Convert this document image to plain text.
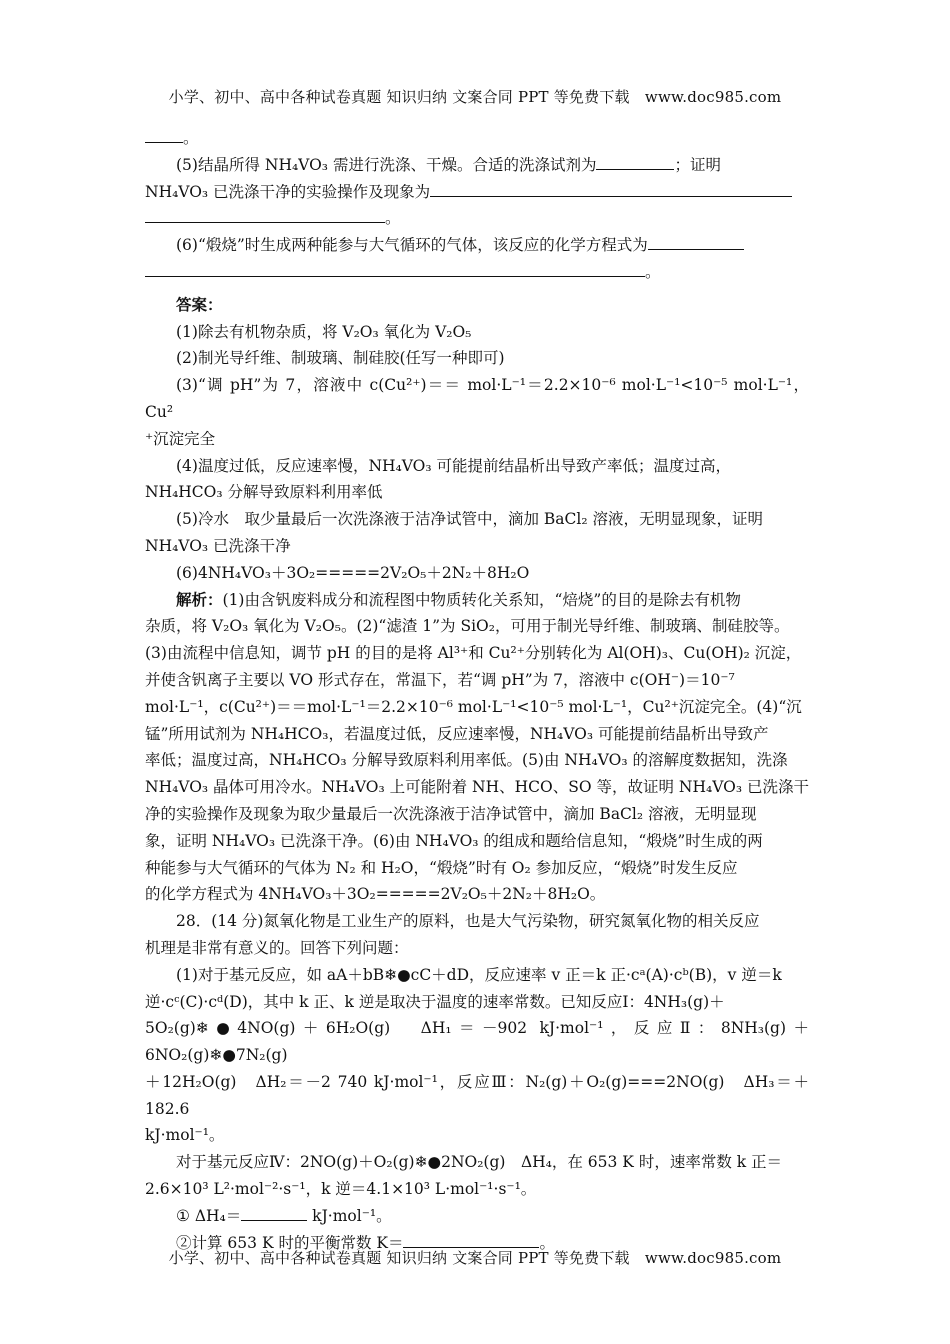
小学、初中、高中各种试卷真题 知识归纳 文案合同 PPT 等免费下载　www.doc985.com

。

(5)结晶所得 NH₄VO₃ 需进行洗涤、干燥。合适的洗涤试剂为	；证明

NH₄VO₃ 已洗涤干净的实验操作及现象为

。

(6)“煅烧”时生成两种能参与大气循环的气体，该反应的化学方程式为

。

答案：

(1)除去有机物杂质，将 V₂O₃ 氧化为 V₂O₅

(2)制光导纤维、制玻璃、制硅胶(任写一种即可)

(3)“调 pH”为 7，溶液中 c(Cu²⁺)＝＝ mol·L⁻¹＝2.2×10⁻⁶ mol·L⁻¹<10⁻⁵ mol·L⁻¹，Cu²

⁺沉淀完全

(4)温度过低，反应速率慢，NH₄VO₃ 可能提前结晶析出导致产率低；温度过高，

NH₄HCO₃ 分解导致原料利用率低

(5)冷水　取少量最后一次洗涤液于洁净试管中，滴加 BaCl₂ 溶液，无明显现象，证明

NH₄VO₃ 已洗涤干净

(6)4NH₄VO₃＋3O₂=====2V₂O₅＋2N₂＋8H₂O

解析：(1)由含钒废料成分和流程图中物质转化关系知，“焙烧”的目的是除去有机物

杂质，将 V₂O₃ 氧化为 V₂O₅。(2)“滤渣 1”为 SiO₂，可用于制光导纤维、制玻璃、制硅胶等。

(3)由流程中信息知，调节 pH 的目的是将 Al³⁺和 Cu²⁺分别转化为 Al(OH)₃、Cu(OH)₂ 沉淀，

并使含钒离子主要以 VO 形式存在，常温下，若“调 pH”为 7，溶液中 c(OH⁻)＝10⁻⁷

mol·L⁻¹，c(Cu²⁺)＝＝mol·L⁻¹＝2.2×10⁻⁶ mol·L⁻¹<10⁻⁵ mol·L⁻¹，Cu²⁺沉淀完全。(4)“沉

锰”所用试剂为 NH₄HCO₃，若温度过低，反应速率慢，NH₄VO₃ 可能提前结晶析出导致产

率低；温度过高，NH₄HCO₃ 分解导致原料利用率低。(5)由 NH₄VO₃ 的溶解度数据知，洗涤

NH₄VO₃ 晶体可用冷水。NH₄VO₃ 上可能附着 NH、HCO、SO 等，故证明 NH₄VO₃ 已洗涤干

净的实验操作及现象为取少量最后一次洗涤液于洁净试管中，滴加 BaCl₂ 溶液，无明显现

象，证明 NH₄VO₃ 已洗涤干净。(6)由 NH₄VO₃ 的组成和题给信息知，“煅烧”时生成的两

种能参与大气循环的气体为 N₂ 和 H₂O，“煅烧”时有 O₂ 参加反应，“煅烧”时发生反应

的化学方程式为 4NH₄VO₃＋3O₂=====2V₂O₅＋2N₂＋8H₂O。

28．(14 分)氮氧化物是工业生产的原料，也是大气污染物，研究氮氧化物的相关反应

机理是非常有意义的。回答下列问题：

(1)对于基元反应，如 aA＋bB❄●cC＋dD，反应速率 v 正＝k 正·cᵃ(A)·cᵇ(B)，v 逆＝k

逆·cᶜ(C)·cᵈ(D)，其中 k 正、k 逆是取决于温度的速率常数。已知反应Ⅰ：4NH₃(g)＋

5O₂(g)❄●4NO(g)＋6H₂O(g)　ΔH₁＝－902 kJ·mol⁻¹，反应Ⅱ：8NH₃(g)＋6NO₂(g)❄●7N₂(g)

＋12H₂O(g)　ΔH₂＝－2 740 kJ·mol⁻¹，反应Ⅲ：N₂(g)＋O₂(g)===2NO(g)　ΔH₃＝＋182.6

kJ·mol⁻¹。

对于基元反应Ⅳ：2NO(g)＋O₂(g)❄●2NO₂(g)　ΔH₄，在 653 K 时，速率常数 k 正＝

2.6×10³ L²·mol⁻²·s⁻¹，k 逆＝4.1×10³ L·mol⁻¹·s⁻¹。

① ΔH₄＝	kJ·mol⁻¹。

②计算 653 K 时的平衡常数 K＝	。

小学、初中、高中各种试卷真题 知识归纳 文案合同 PPT 等免费下载　www.doc985.com
